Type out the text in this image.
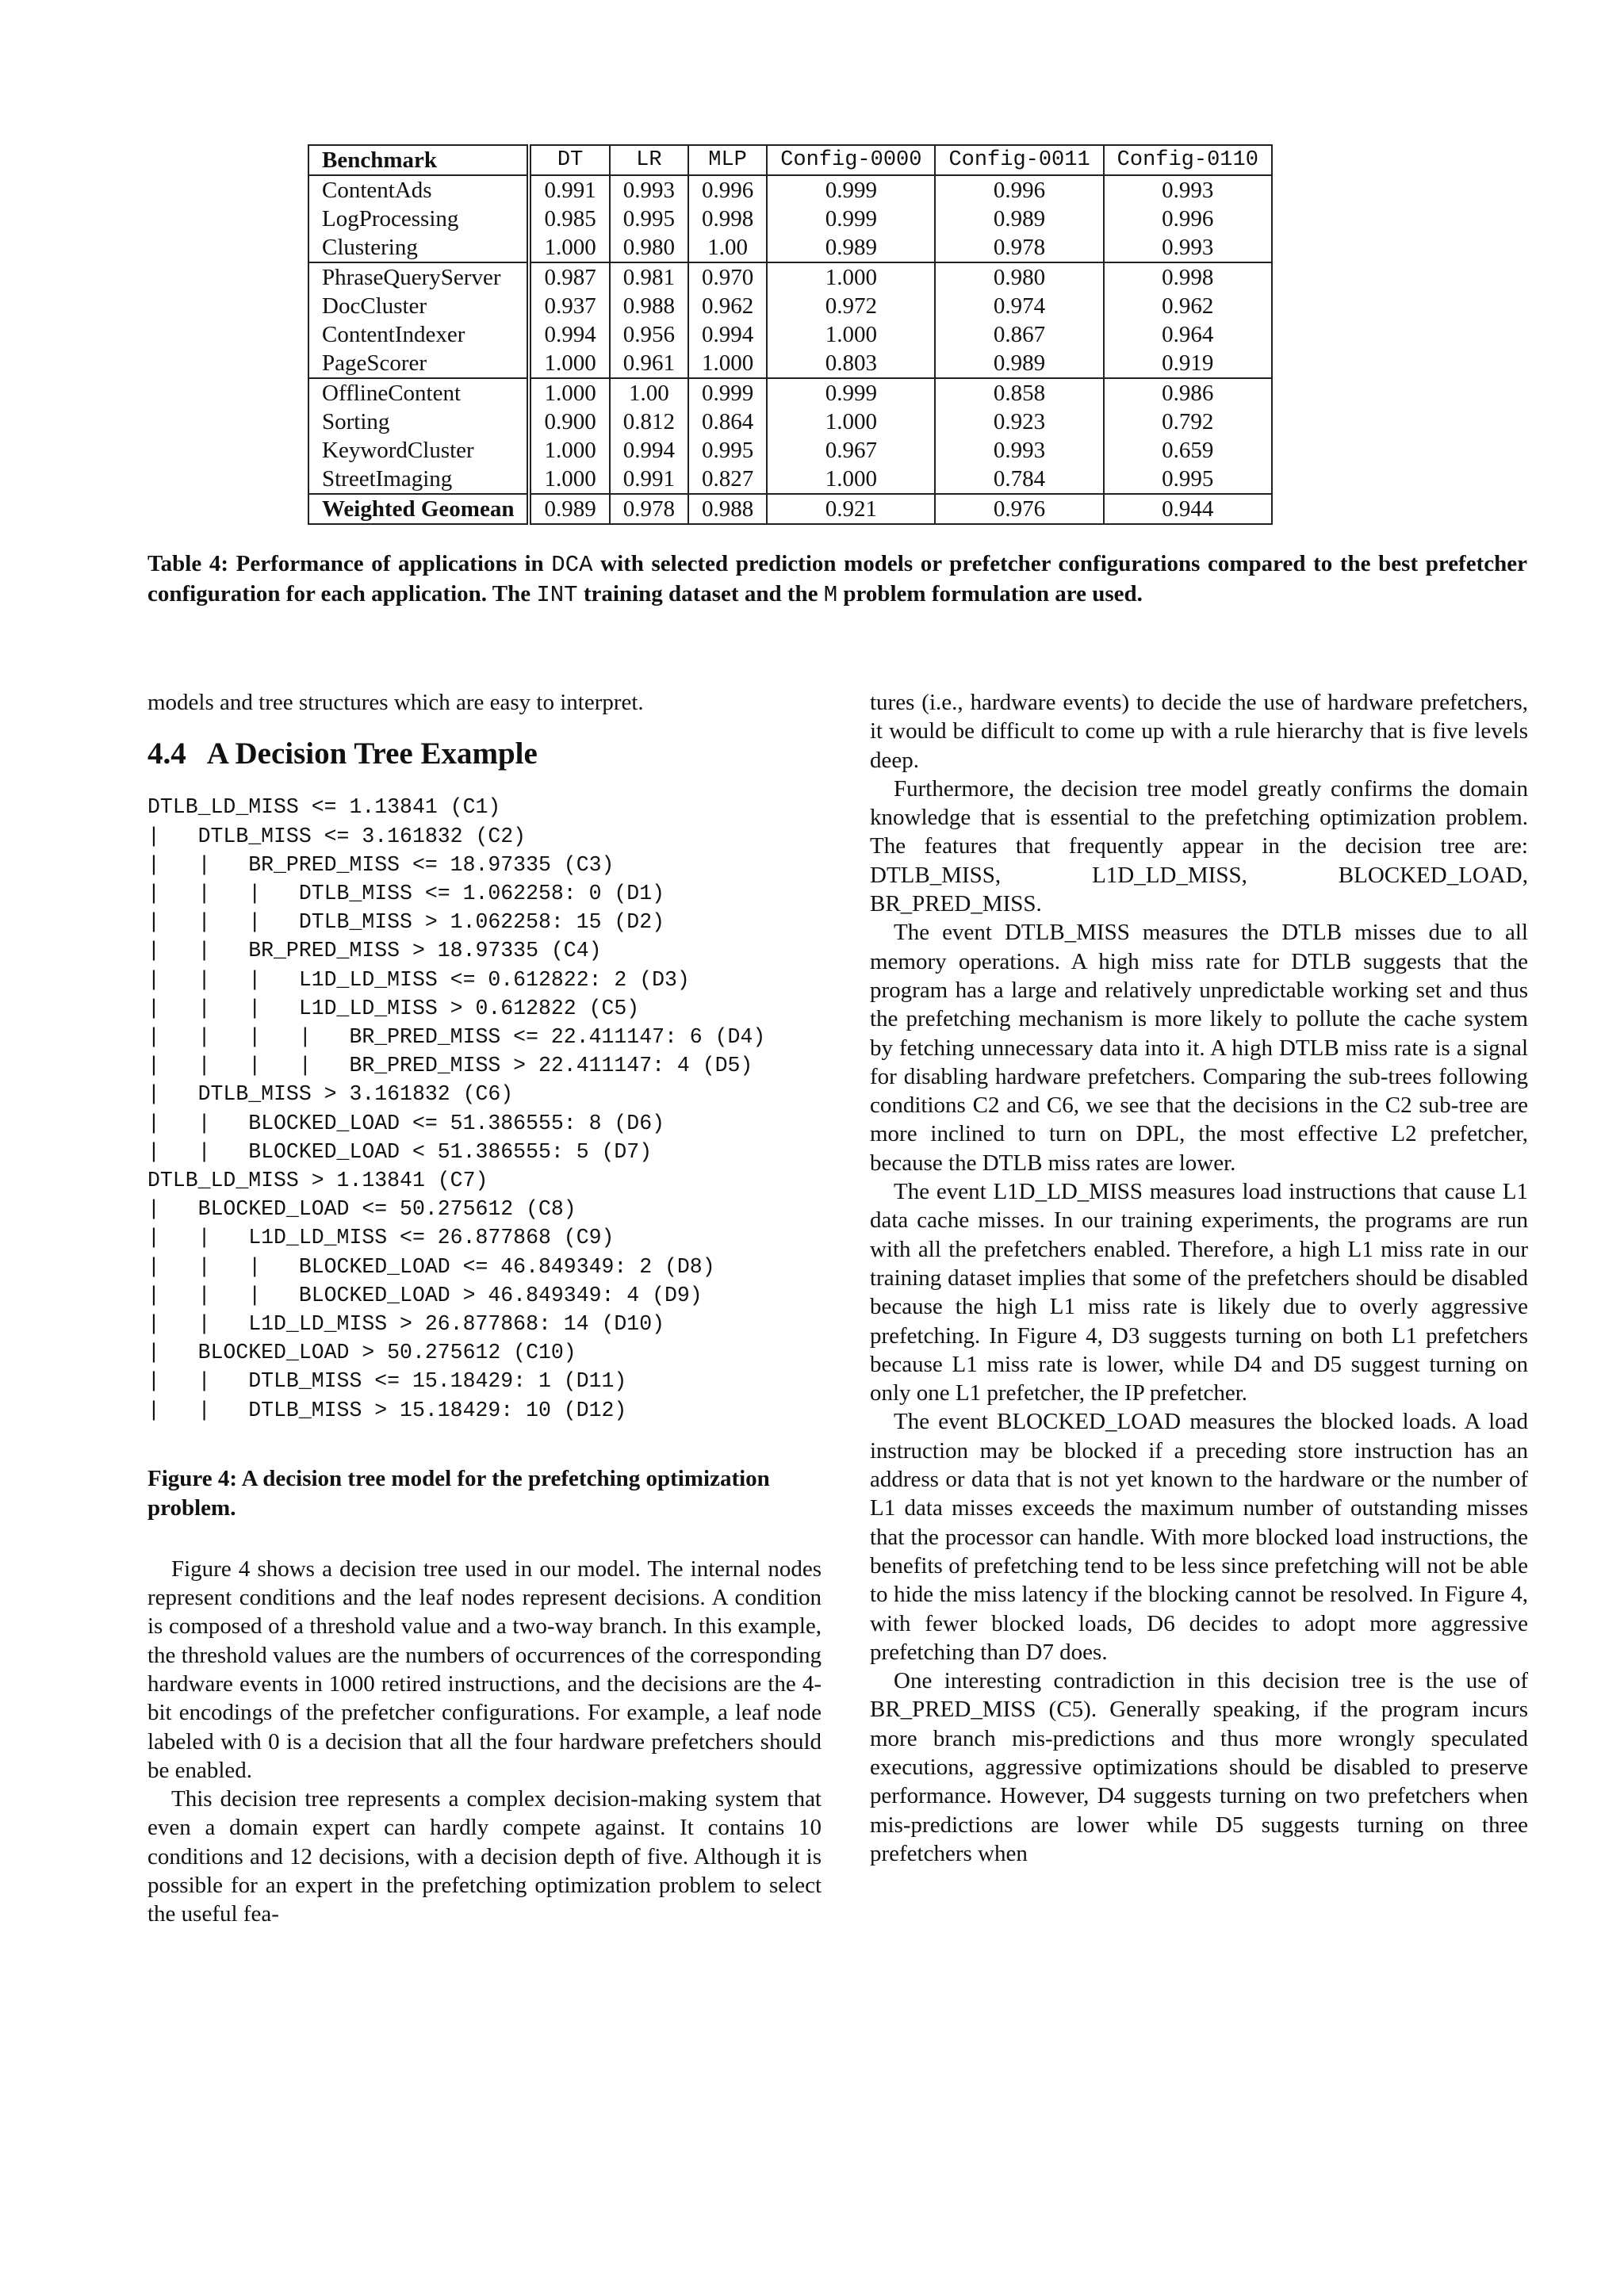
Benchmark	DT	LR	MLP	Config-0000	Config-0011	Config-0110
ContentAds	0.991	0.993	0.996	0.999	0.996	0.993
LogProcessing	0.985	0.995	0.998	0.999	0.989	0.996
Clustering	1.000	0.980	1.00	0.989	0.978	0.993
PhraseQueryServer	0.987	0.981	0.970	1.000	0.980	0.998
DocCluster	0.937	0.988	0.962	0.972	0.974	0.962
ContentIndexer	0.994	0.956	0.994	1.000	0.867	0.964
PageScorer	1.000	0.961	1.000	0.803	0.989	0.919
OfflineContent	1.000	1.00	0.999	0.999	0.858	0.986
Sorting	0.900	0.812	0.864	1.000	0.923	0.792
KeywordCluster	1.000	0.994	0.995	0.967	0.993	0.659
StreetImaging	1.000	0.991	0.827	1.000	0.784	0.995
Weighted Geomean	0.989	0.978	0.988	0.921	0.976	0.944
Table 4: Performance of applications in DCA with selected prediction models or prefetcher configurations compared to the best prefetcher configuration for each application. The INT training dataset and the M problem formulation are used.

models and tree structures which are easy to interpret.

4.4 A Decision Tree Example
DTLB_LD_MISS <= 1.13841 (C1)
|   DTLB_MISS <= 3.161832 (C2)
|   |   BR_PRED_MISS <= 18.97335 (C3)
|   |   |   DTLB_MISS <= 1.062258: 0 (D1)
|   |   |   DTLB_MISS > 1.062258: 15 (D2)
|   |   BR_PRED_MISS > 18.97335 (C4)
|   |   |   L1D_LD_MISS <= 0.612822: 2 (D3)
|   |   |   L1D_LD_MISS > 0.612822 (C5)
|   |   |   |   BR_PRED_MISS <= 22.411147: 6 (D4)
|   |   |   |   BR_PRED_MISS > 22.411147: 4 (D5)
|   DTLB_MISS > 3.161832 (C6)
|   |   BLOCKED_LOAD <= 51.386555: 8 (D6)
|   |   BLOCKED_LOAD < 51.386555: 5 (D7)
DTLB_LD_MISS > 1.13841 (C7)
|   BLOCKED_LOAD <= 50.275612 (C8)
|   |   L1D_LD_MISS <= 26.877868 (C9)
|   |   |   BLOCKED_LOAD <= 46.849349: 2 (D8)
|   |   |   BLOCKED_LOAD > 46.849349: 4 (D9)
|   |   L1D_LD_MISS > 26.877868: 14 (D10)
|   BLOCKED_LOAD > 50.275612 (C10)
|   |   DTLB_MISS <= 15.18429: 1 (D11)
|   |   DTLB_MISS > 15.18429: 10 (D12)
Figure 4: A decision tree model for the prefetching optimization problem.

Figure 4 shows a decision tree used in our model. The internal nodes represent conditions and the leaf nodes represent decisions. A condition is composed of a threshold value and a two-way branch. In this example, the threshold values are the numbers of occurrences of the corresponding hardware events in 1000 retired instructions, and the decisions are the 4-bit encodings of the prefetcher configurations. For example, a leaf node labeled with 0 is a decision that all the four hardware prefetchers should be enabled.

This decision tree represents a complex decision-making system that even a domain expert can hardly compete against. It contains 10 conditions and 12 decisions, with a decision depth of five. Although it is possible for an expert in the prefetching optimization problem to select the useful fea-

tures (i.e., hardware events) to decide the use of hardware prefetchers, it would be difficult to come up with a rule hierarchy that is five levels deep.

Furthermore, the decision tree model greatly confirms the domain knowledge that is essential to the prefetching optimization problem. The features that frequently appear in the decision tree are: DTLB_MISS, L1D_LD_MISS, BLOCKED_LOAD, BR_PRED_MISS.

The event DTLB_MISS measures the DTLB misses due to all memory operations. A high miss rate for DTLB suggests that the program has a large and relatively unpredictable working set and thus the prefetching mechanism is more likely to pollute the cache system by fetching unnecessary data into it. A high DTLB miss rate is a signal for disabling hardware prefetchers. Comparing the sub-trees following conditions C2 and C6, we see that the decisions in the C2 sub-tree are more inclined to turn on DPL, the most effective L2 prefetcher, because the DTLB miss rates are lower.

The event L1D_LD_MISS measures load instructions that cause L1 data cache misses. In our training experiments, the programs are run with all the prefetchers enabled. Therefore, a high L1 miss rate in our training dataset implies that some of the prefetchers should be disabled because the high L1 miss rate is likely due to overly aggressive prefetching. In Figure 4, D3 suggests turning on both L1 prefetchers because L1 miss rate is lower, while D4 and D5 suggest turning on only one L1 prefetcher, the IP prefetcher.

The event BLOCKED_LOAD measures the blocked loads. A load instruction may be blocked if a preceding store instruction has an address or data that is not yet known to the hardware or the number of L1 data misses exceeds the maximum number of outstanding misses that the processor can handle. With more blocked load instructions, the benefits of prefetching tend to be less since prefetching will not be able to hide the miss latency if the blocking cannot be resolved. In Figure 4, with fewer blocked loads, D6 decides to adopt more aggressive prefetching than D7 does.

One interesting contradiction in this decision tree is the use of BR_PRED_MISS (C5). Generally speaking, if the program incurs more branch mis-predictions and thus more wrongly speculated executions, aggressive optimizations should be disabled to preserve performance. However, D4 suggests turning on two prefetchers when mis-predictions are lower while D5 suggests turning on three prefetchers when
